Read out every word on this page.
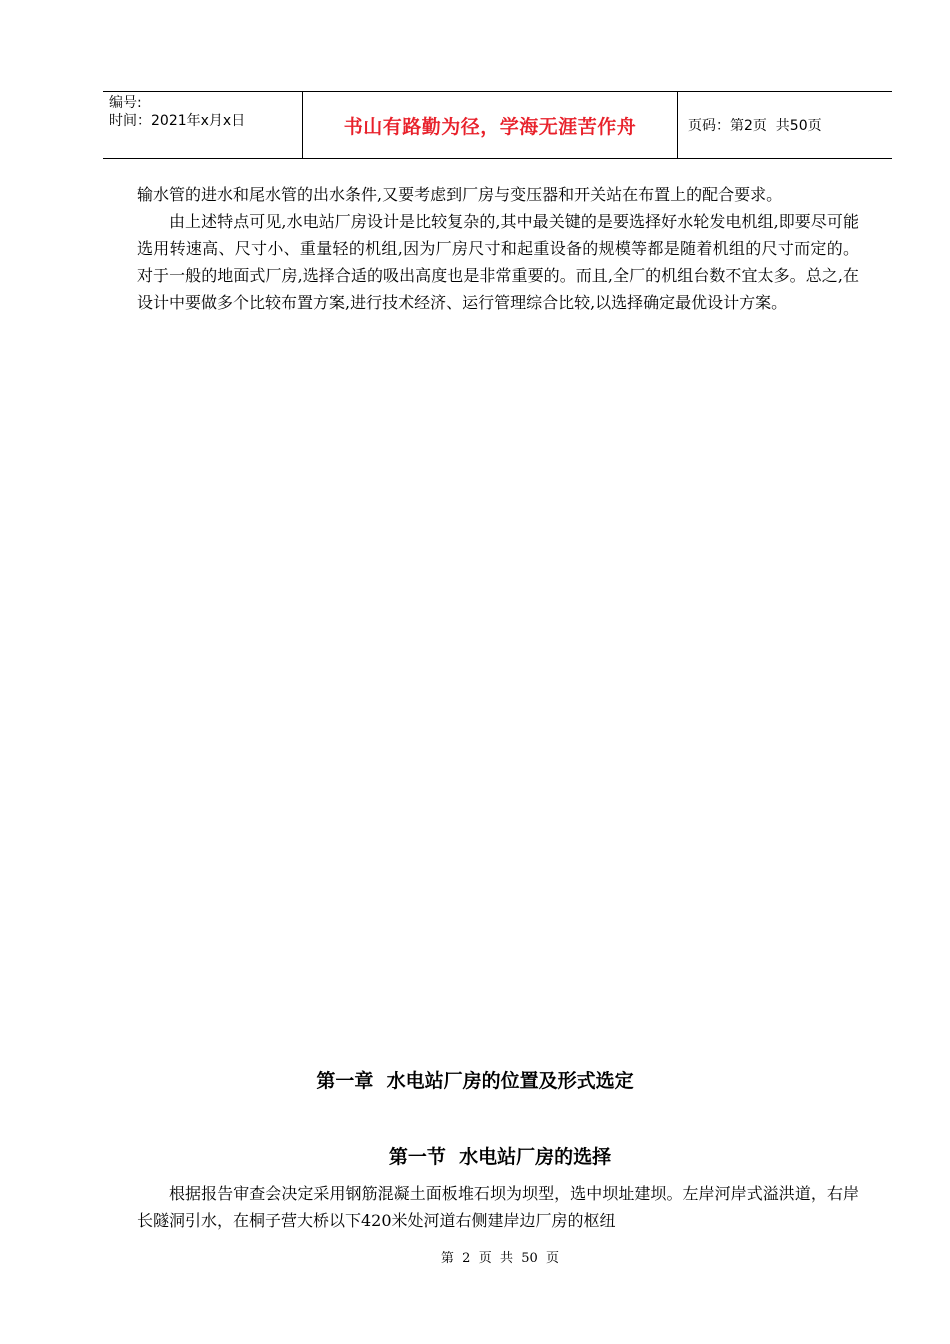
编号:
时间：2021年x月x日	书山有路勤为径，学海无涯苦作舟	页码：第2页  共50页

输水管的进水和尾水管的出水条件,又要考虑到厂房与变压器和开关站在布置上的配合要求。

由上述特点可见,水电站厂房设计是比较复杂的,其中最关键的是要选择好水轮发电机组,即要尽可能选用转速高、尺寸小、重量轻的机组,因为厂房尺寸和起重设备的规模等都是随着机组的尺寸而定的。对于一般的地面式厂房,选择合适的吸出高度也是非常重要的。而且,全厂的机组台数不宜太多。总之,在设计中要做多个比较布置方案,进行技术经济、运行管理综合比较,以选择确定最优设计方案。

第一章  水电站厂房的位置及形式选定
第一节  水电站厂房的选择

根据报告审查会决定采用钢筋混凝土面板堆石坝为坝型，选中坝址建坝。左岸河岸式溢洪道，右岸长隧洞引水，在桐子营大桥以下420米处河道右侧建岸边厂房的枢纽

第  2  页  共  50  页
